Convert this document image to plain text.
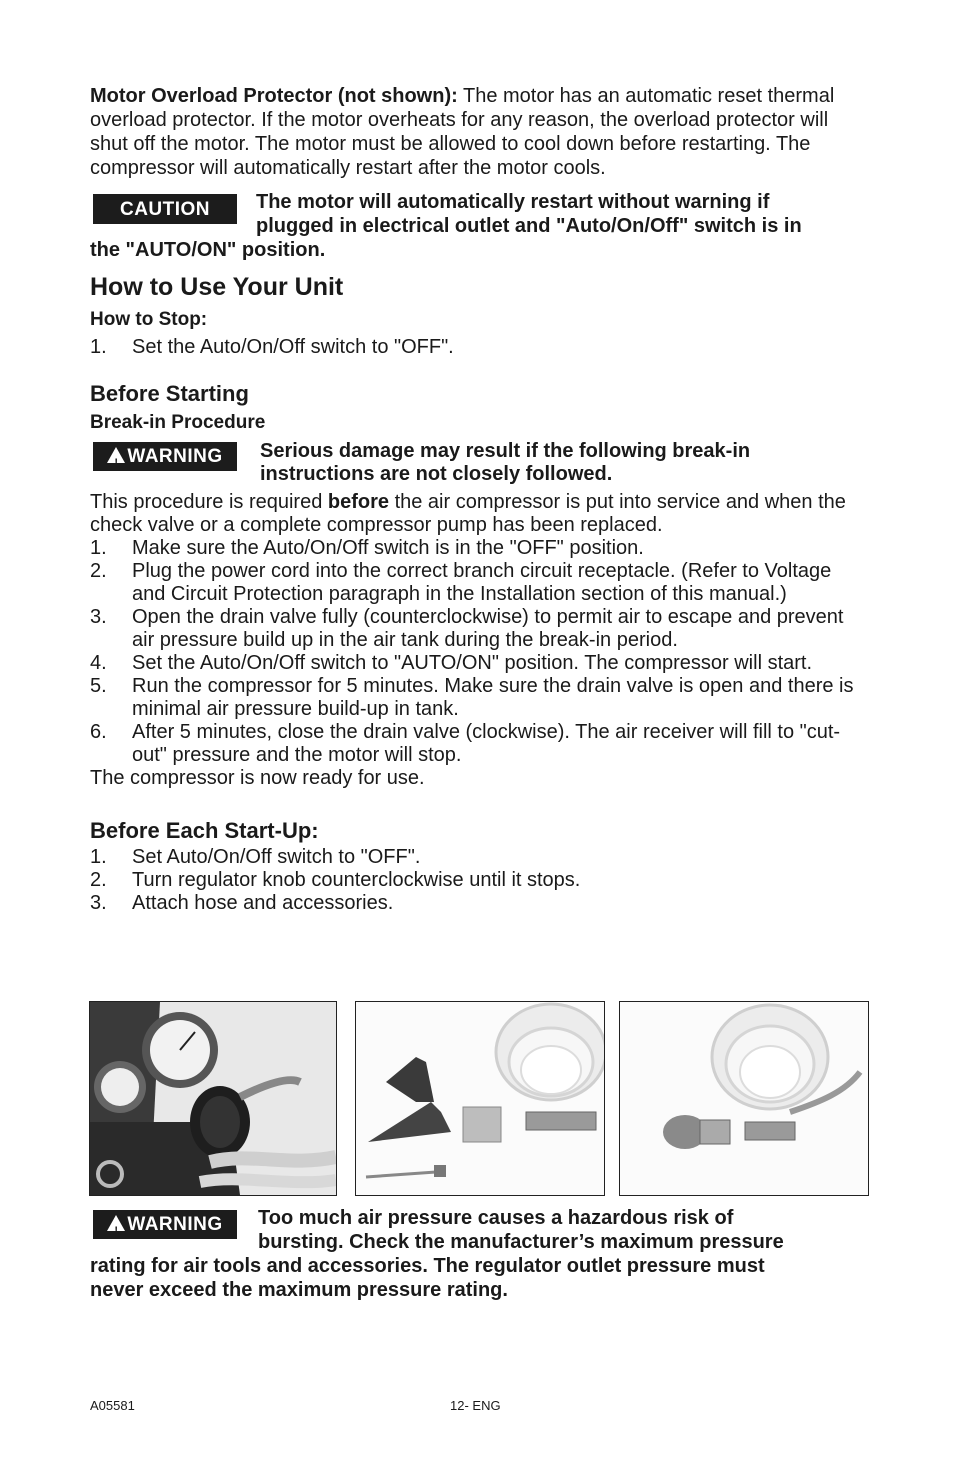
Motor Overload Protector (not shown): The motor has an automatic reset thermal overload protector. If the motor overheats for any reason, the overload protector will shut off the motor. The motor must be allowed to cool down before restarting. The compressor will automatically restart after the motor cools.

CAUTION	The motor will automatically restart without warning if
plugged in electrical outlet and "Auto/On/Off" switch is in
the "AUTO/ON" position.

How to Use Your Unit
How to Stop:
1. Set the Auto/On/Off switch to "OFF".
Before Starting
Break-in Procedure
!WARNING	Serious damage may result if the following break-in
instructions are not closely followed.

This procedure is required before the air compressor is put into service and when the check valve or a complete compressor pump has been replaced.

1. Make sure the Auto/On/Off switch is in the "OFF" position.
2. Plug the power cord into the correct branch circuit receptacle. (Refer to Voltage and Circuit Protection paragraph in the Installation section of this manual.)
3. Open the drain valve fully (counterclockwise) to permit air to escape and prevent air pressure build up in the air tank during the break-in period.
4. Set the Auto/On/Off switch to "AUTO/ON" position. The compressor will start.
5. Run the compressor for 5 minutes. Make sure the drain valve is open and there is minimal air pressure build-up in tank.
6. After 5 minutes, close the drain valve (clockwise). The air receiver will fill to "cut-out" pressure and the motor will stop.

The compressor is now ready for use.

Before Each Start-Up:
1. Set Auto/On/Off switch to "OFF".
2. Turn regulator knob counterclockwise until it stops.
3. Attach hose and accessories.
!WARNING	Too much air pressure causes a hazardous risk of
bursting. Check the manufacturer’s maximum pressure
rating for air tools and accessories. The regulator outlet pressure must
never exceed the maximum pressure rating.

A05581	12- ENG
